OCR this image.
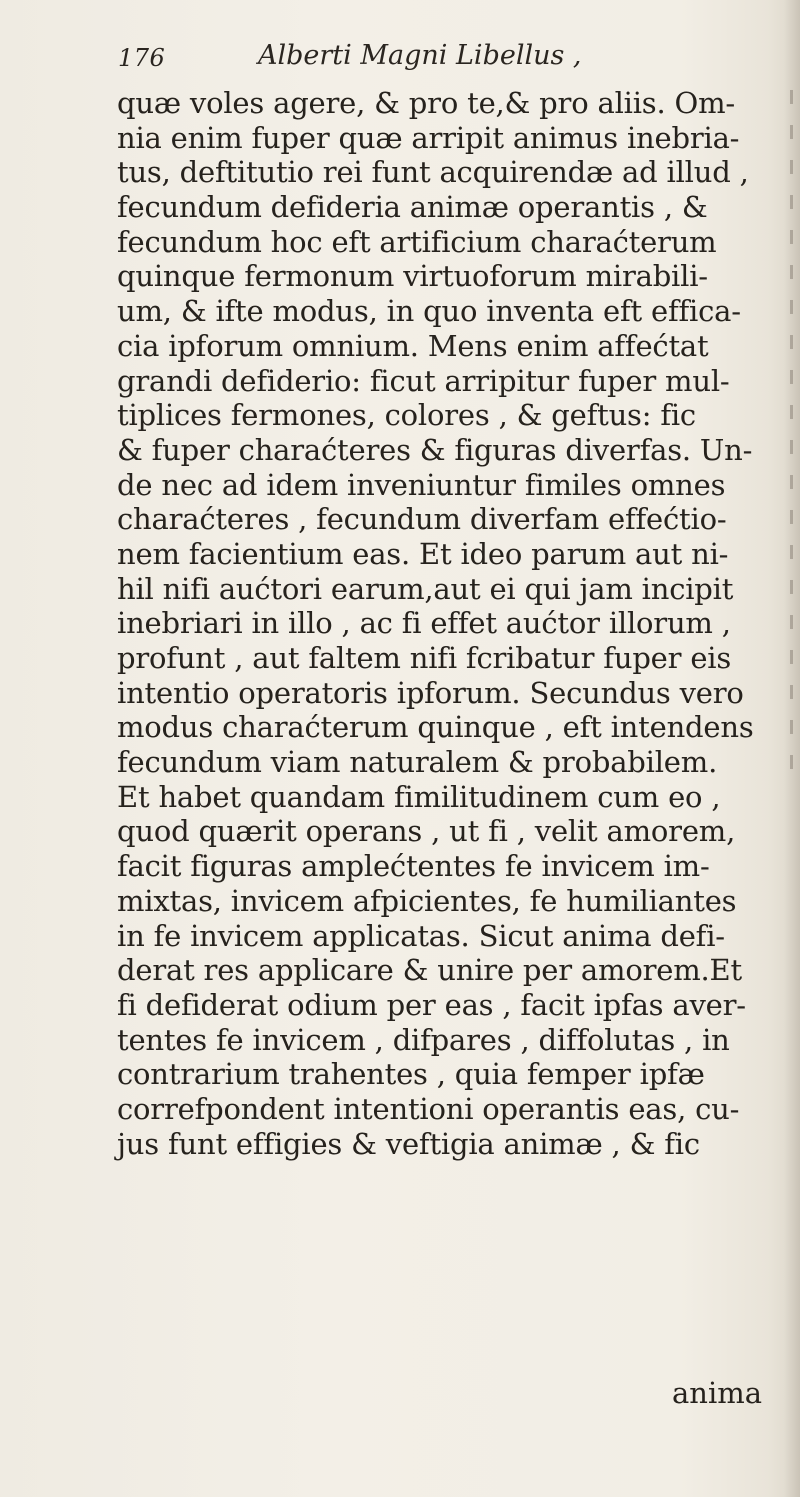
176	Alberti Magni Libellus ,
quæ voles agere, & pro te,& pro aliis. Om-
nia enim fuper quæ arripit animus inebria-
tus, deftitutio rei funt acquirendæ ad illud ,
fecundum defideria animæ operantis , &
fecundum hoc eft artificium charaćterum
quinque fermonum virtuoforum mirabili-
um, & ifte modus, in quo inventa eft effica-
cia ipforum omnium. Mens enim affećtat
grandi defiderio: ficut arripitur fuper mul-
tiplices fermones, colores , & geftus: fic
& fuper charaćteres & figuras diverfas. Un-
de nec ad idem inveniuntur fimiles omnes
charaćteres , fecundum diverfam effećtio-
nem facientium eas. Et ideo parum aut ni-
hil nifi aućtori earum,aut ei qui jam incipit
inebriari in illo , ac fi effet aućtor illorum ,
profunt , aut faltem nifi fcribatur fuper eis
intentio operatoris ipforum. Secundus vero
modus charaćterum quinque , eft intendens
fecundum viam naturalem & probabilem.
Et habet quandam fimilitudinem cum eo ,
quod quærit operans , ut fi , velit amorem,
facit figuras amplećtentes fe invicem im-
mixtas, invicem afpicientes, fe humiliantes
in fe invicem applicatas. Sicut anima defi-
derat res applicare & unire per amorem.Et
fi defiderat odium per eas , facit ipfas aver-
tentes fe invicem , difpares , diffolutas , in
contrarium trahentes , quia femper ipfæ
correfpondent intentioni operantis eas, cu-
jus funt effigies & veftigia animæ , & fic
anima
